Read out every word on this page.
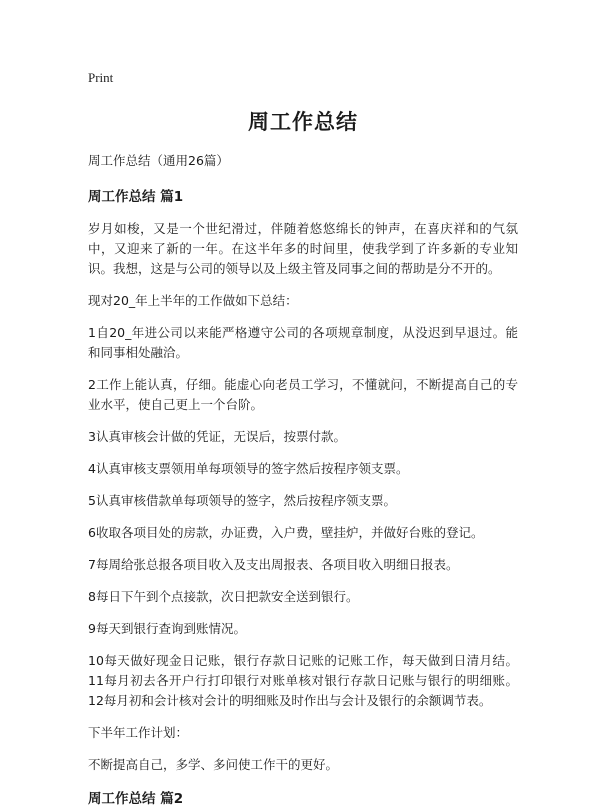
Print
周工作总结

周工作总结（通用26篇）

周工作总结 篇1

岁月如梭，又是一个世纪滑过，伴随着悠悠绵长的钟声，在喜庆祥和的气氛中，又迎来了新的一年。在这半年多的时间里，使我学到了许多新的专业知识。我想，这是与公司的领导以及上级主管及同事之间的帮助是分不开的。

现对20_年上半年的工作做如下总结：

1自20_年进公司以来能严格遵守公司的各项规章制度，从没迟到早退过。能和同事相处融洽。

2工作上能认真，仔细。能虚心向老员工学习，不懂就问，不断提高自己的专业水平，使自己更上一个台阶。

3认真审核会计做的凭证，无误后，按票付款。

4认真审核支票领用单每项领导的签字然后按程序领支票。

5认真审核借款单每项领导的签字，然后按程序领支票。

6收取各项目处的房款，办证费，入户费，壁挂炉，并做好台账的登记。

7每周给张总报各项目收入及支出周报表、各项目收入明细日报表。

8每日下午到个点接款，次日把款安全送到银行。

9每天到银行查询到账情况。

10每天做好现金日记账，银行存款日记账的记账工作，每天做到日清月结。 11每月初去各开户行打印银行对账单核对银行存款日记账与银行的明细账。12每月初和会计核对会计的明细账及时作出与会计及银行的余额调节表。

下半年工作计划：

不断提高自己，多学、多问使工作干的更好。

周工作总结 篇2
